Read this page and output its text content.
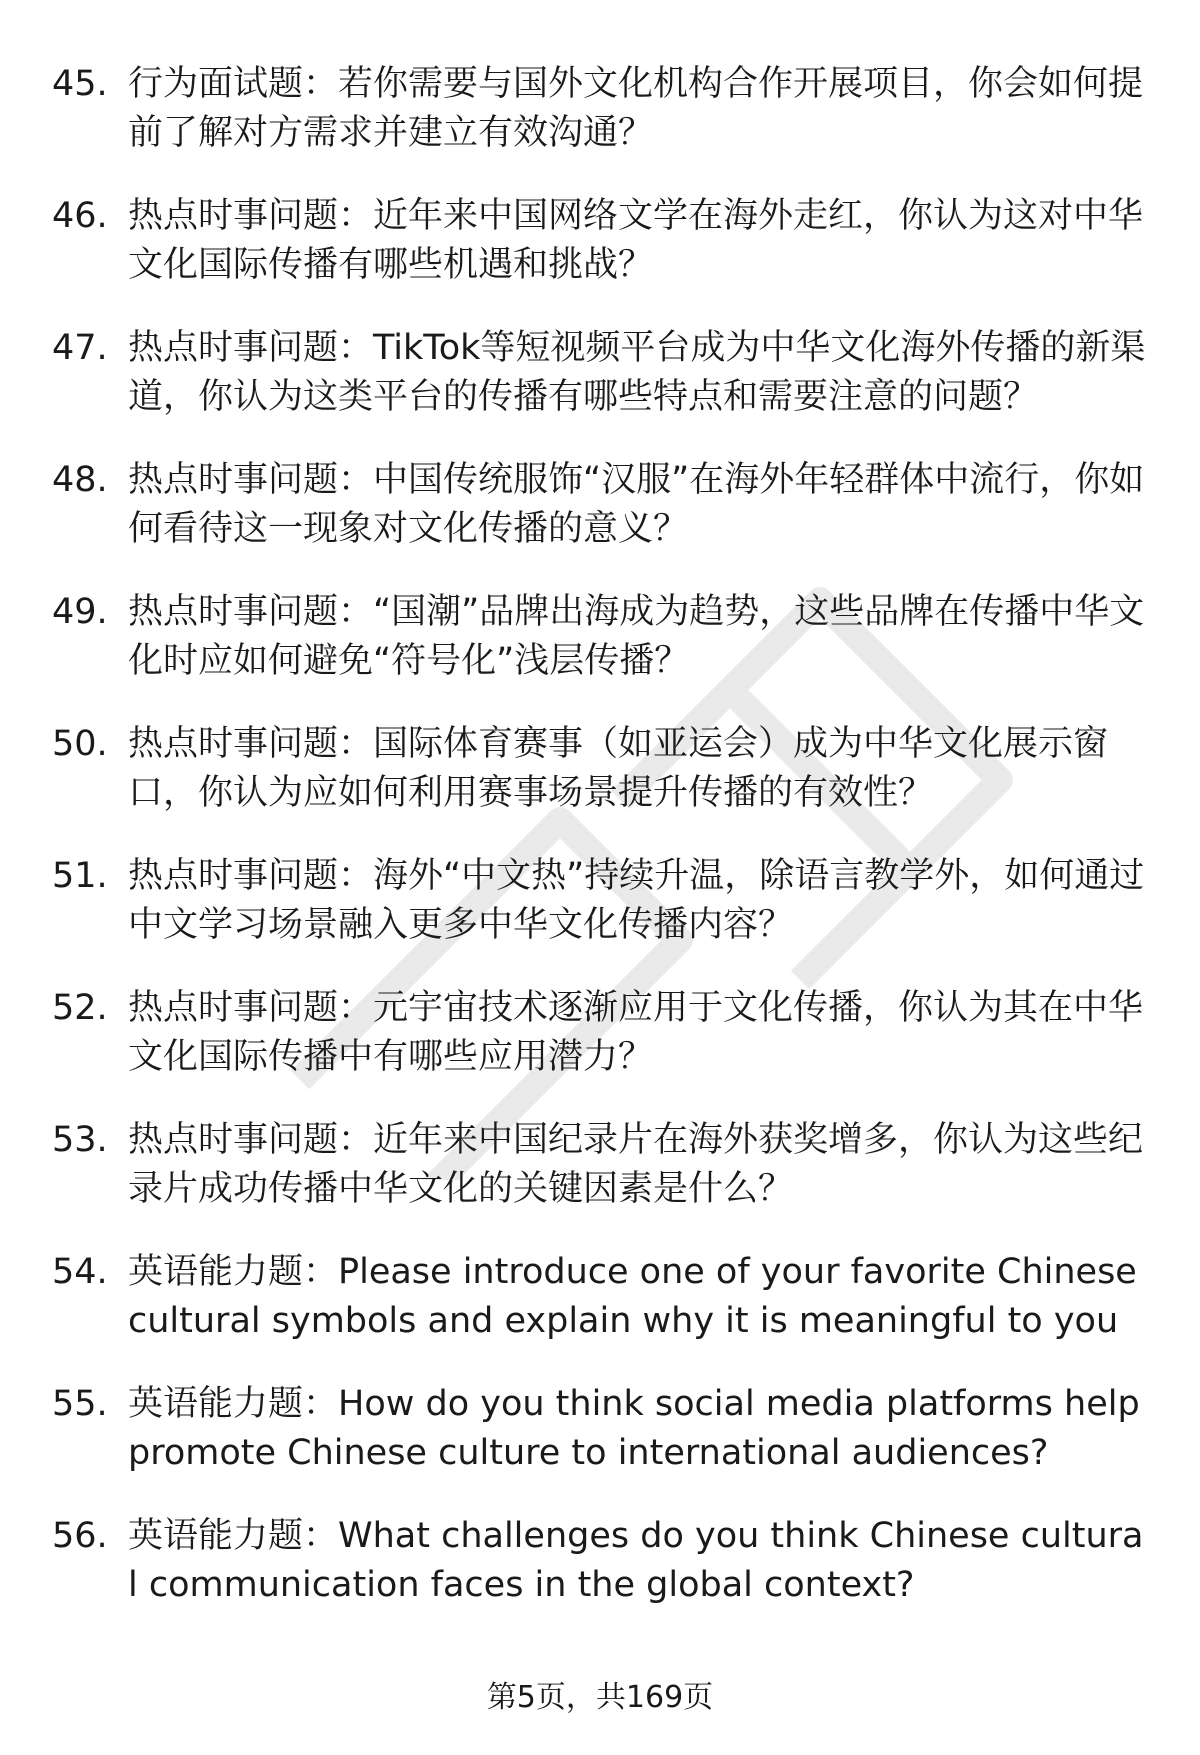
45. 行为面试题：若你需要与国外文化机构合作开展项目，你会如何提前了解对方需求并建立有效沟通？
46. 热点时事问题：近年来中国网络文学在海外走红，你认为这对中华文化国际传播有哪些机遇和挑战？
47. 热点时事问题：TikTok等短视频平台成为中华文化海外传播的新渠道，你认为这类平台的传播有哪些特点和需要注意的问题？
48. 热点时事问题：中国传统服饰“汉服”在海外年轻群体中流行，你如何看待这一现象对文化传播的意义？
49. 热点时事问题：“国潮”品牌出海成为趋势，这些品牌在传播中华文化时应如何避免“符号化”浅层传播？
50. 热点时事问题：国际体育赛事（如亚运会）成为中华文化展示窗口，你认为应如何利用赛事场景提升传播的有效性？
51. 热点时事问题：海外“中文热”持续升温，除语言教学外，如何通过中文学习场景融入更多中华文化传播内容？
52. 热点时事问题：元宇宙技术逐渐应用于文化传播，你认为其在中华文化国际传播中有哪些应用潜力？
53. 热点时事问题：近年来中国纪录片在海外获奖增多，你认为这些纪录片成功传播中华文化的关键因素是什么？
54. 英语能力题：Please introduce one of your favorite Chinese cultural symbols and explain why it is meaningful to you
55. 英语能力题：How do you think social media platforms help promote Chinese culture to international audiences?
56. 英语能力题：What challenges do you think Chinese cultural communication faces in the global context?
第5页，共169页
